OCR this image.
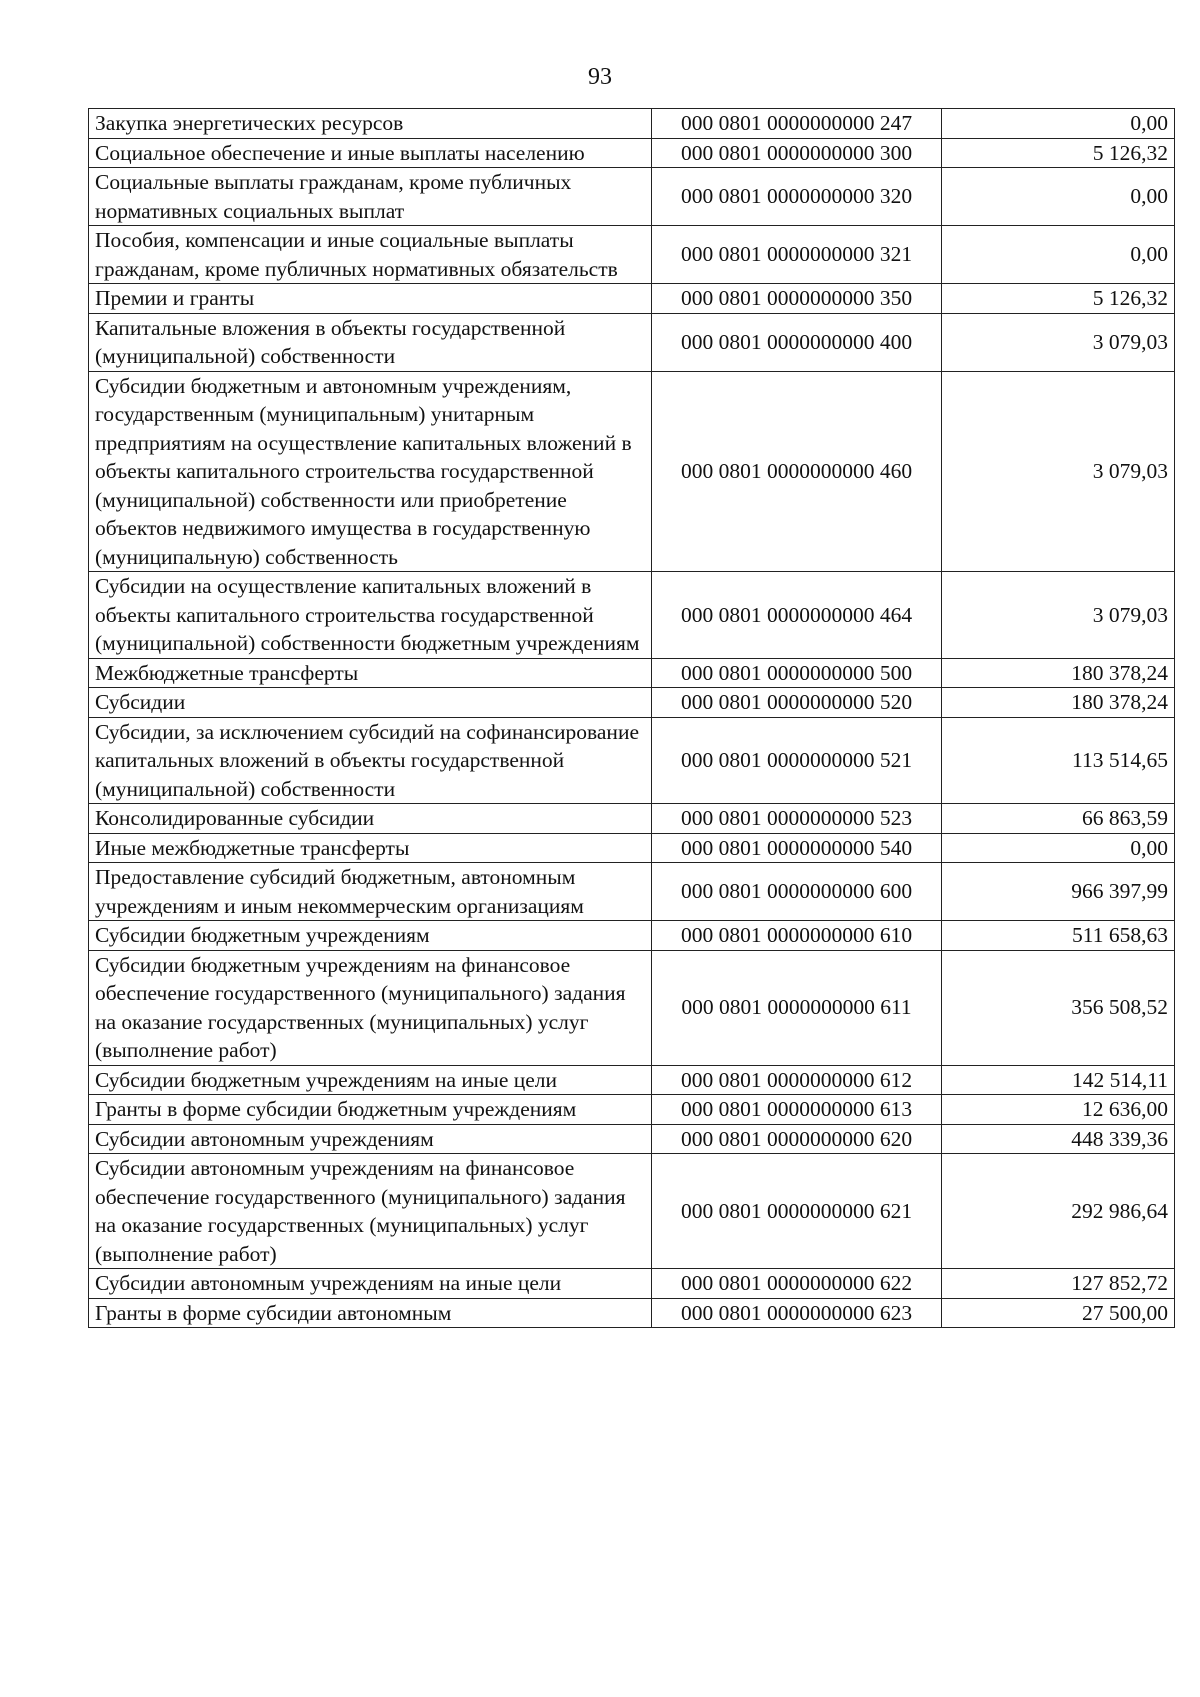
93
Закупка энергетических ресурсов	000 0801 0000000000 247	0,00
Социальное обеспечение и иные выплаты населению	000 0801 0000000000 300	5 126,32
Социальные выплаты гражданам, кроме публичных нормативных социальных выплат	000 0801 0000000000 320	0,00
Пособия, компенсации и иные социальные выплаты гражданам, кроме публичных нормативных обязательств	000 0801 0000000000 321	0,00
Премии и гранты	000 0801 0000000000 350	5 126,32
Капитальные вложения в объекты государственной (муниципальной) собственности	000 0801 0000000000 400	3 079,03
Субсидии бюджетным и автономным учреждениям, государственным (муниципальным) унитарным предприятиям на осуществление капитальных вложений в объекты капитального строительства государственной (муниципальной) собственности или приобретение объектов недвижимого имущества в государственную (муниципальную) собственность	000 0801 0000000000 460	3 079,03
Субсидии на осуществление капитальных вложений в объекты капитального строительства государственной (муниципальной) собственности бюджетным учреждениям	000 0801 0000000000 464	3 079,03
Межбюджетные трансферты	000 0801 0000000000 500	180 378,24
Субсидии	000 0801 0000000000 520	180 378,24
Субсидии, за исключением субсидий на софинансирование капитальных вложений в объекты государственной (муниципальной) собственности	000 0801 0000000000 521	113 514,65
Консолидированные субсидии	000 0801 0000000000 523	66 863,59
Иные межбюджетные трансферты	000 0801 0000000000 540	0,00
Предоставление субсидий бюджетным, автономным учреждениям и иным некоммерческим организациям	000 0801 0000000000 600	966 397,99
Субсидии бюджетным учреждениям	000 0801 0000000000 610	511 658,63
Субсидии бюджетным учреждениям на финансовое обеспечение государственного (муниципального) задания на оказание государственных (муниципальных) услуг (выполнение работ)	000 0801 0000000000 611	356 508,52
Субсидии бюджетным учреждениям на иные цели	000 0801 0000000000 612	142 514,11
Гранты в форме субсидии бюджетным учреждениям	000 0801 0000000000 613	12 636,00
Субсидии автономным учреждениям	000 0801 0000000000 620	448 339,36
Субсидии автономным учреждениям на финансовое обеспечение государственного (муниципального) задания на оказание государственных (муниципальных) услуг (выполнение работ)	000 0801 0000000000 621	292 986,64
Субсидии автономным учреждениям на иные цели	000 0801 0000000000 622	127 852,72
Гранты в форме субсидии автономным	000 0801 0000000000 623	27 500,00
